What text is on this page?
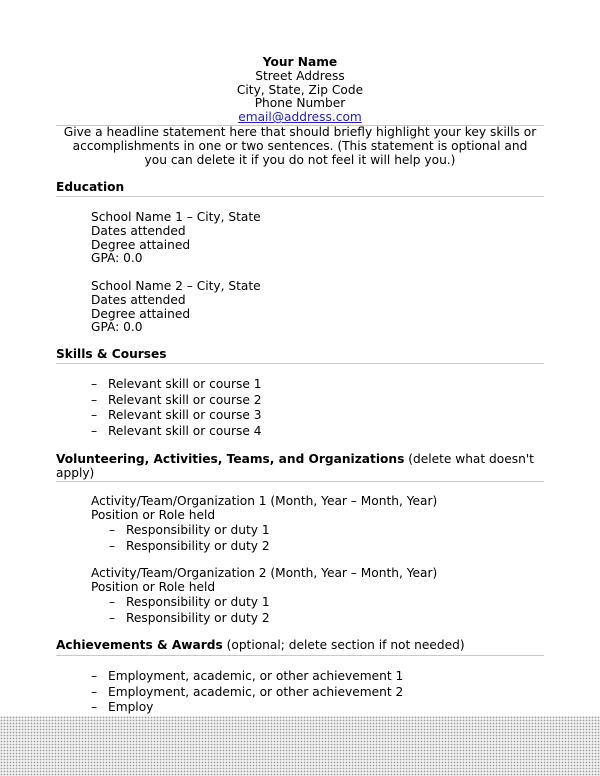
Your Name
Street Address
City, State, Zip Code
Phone Number
email@address.com
Give a headline statement here that should briefly highlight your key skills or accomplishments in one or two sentences. (This statement is optional and you can delete it if you do not feel it will help you.)
Education
School Name 1 – City, State
Dates attended
Degree attained
GPA: 0.0
School Name 2 – City, State
Dates attended
Degree attained
GPA: 0.0
Skills & Courses
– Relevant skill or course 1
– Relevant skill or course 2
– Relevant skill or course 3
– Relevant skill or course 4
Volunteering, Activities, Teams, and Organizations (delete what doesn't apply)
Activity/Team/Organization 1 (Month, Year – Month, Year)
Position or Role held
– Responsibility or duty 1
– Responsibility or duty 2
Activity/Team/Organization 2 (Month, Year – Month, Year)
Position or Role held
– Responsibility or duty 1
– Responsibility or duty 2
Achievements & Awards (optional; delete section if not needed)
– Employment, academic, or other achievement 1
– Employment, academic, or other achievement 2
– Employ
